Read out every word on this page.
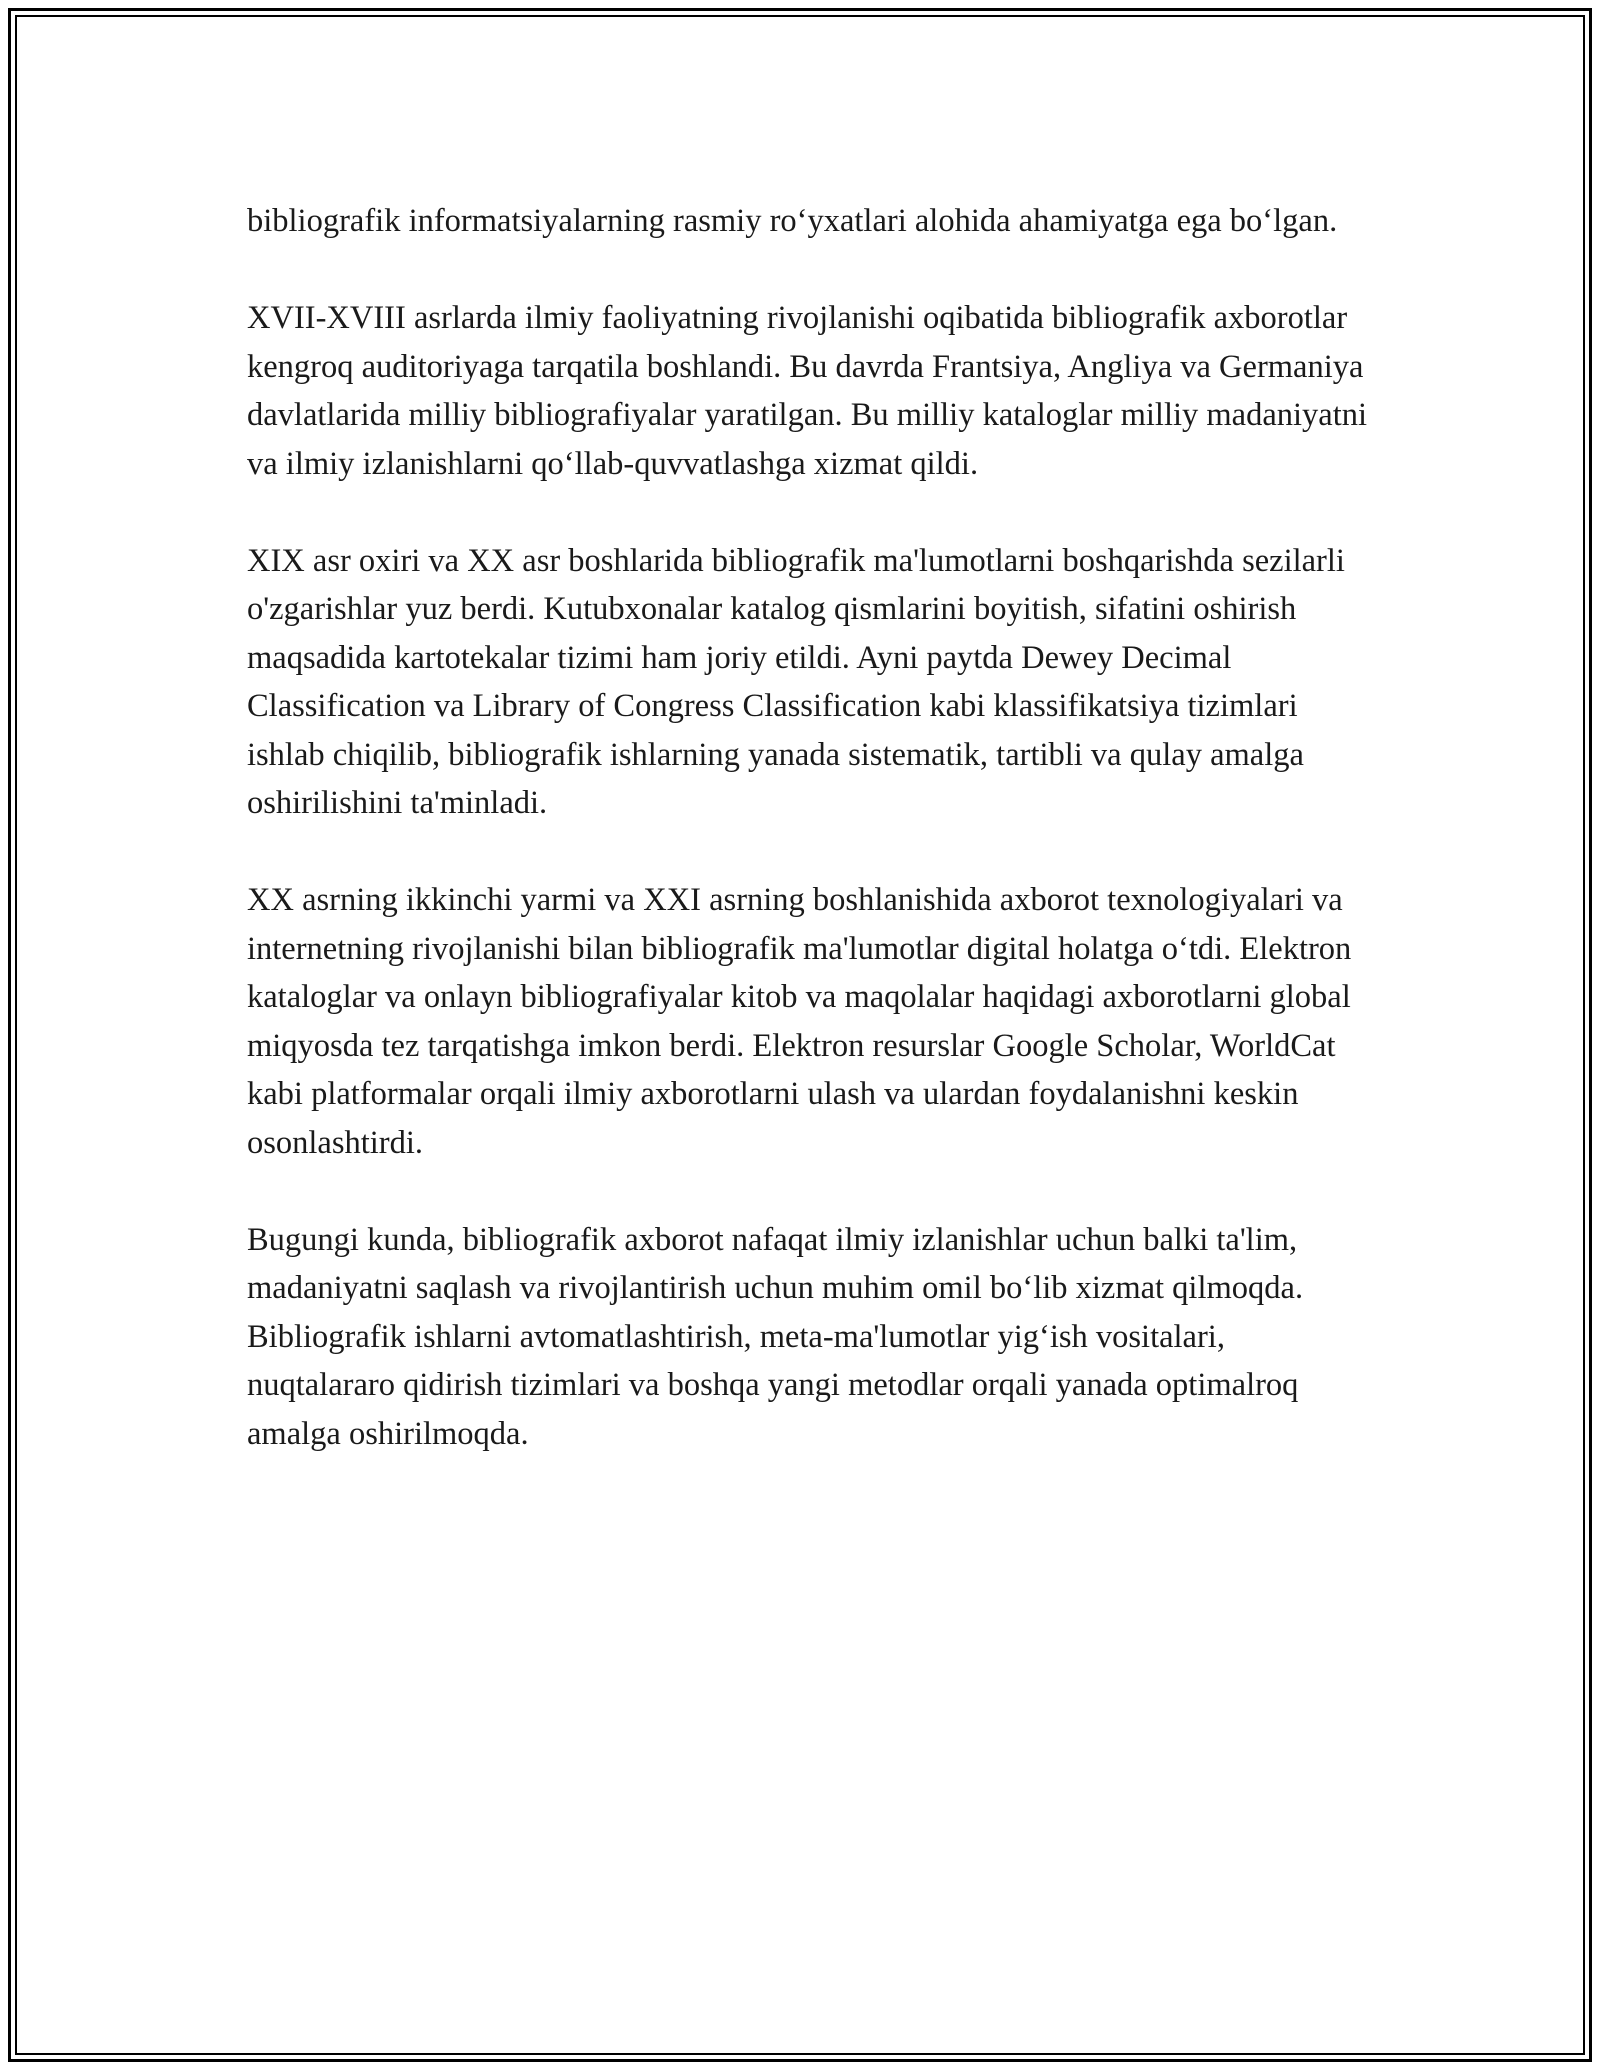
bibliografik informatsiyalarning rasmiy ro‘yxatlari alohida ahamiyatga ega bo‘lgan.

XVII-XVIII asrlarda ilmiy faoliyatning rivojlanishi oqibatida bibliografik axborotlar kengroq auditoriyaga tarqatila boshlandi. Bu davrda Frantsiya, Angliya va Germaniya davlatlarida milliy bibliografiyalar yaratilgan. Bu milliy kataloglar milliy madaniyatni va ilmiy izlanishlarni qo‘llab-quvvatlashga xizmat qildi.

XIX asr oxiri va XX asr boshlarida bibliografik ma'lumotlarni boshqarishda sezilarli o'zgarishlar yuz berdi. Kutubxonalar katalog qismlarini boyitish, sifatini oshirish maqsadida kartotekalar tizimi ham joriy etildi. Ayni paytda Dewey Decimal Classification va Library of Congress Classification kabi klassifikatsiya tizimlari ishlab chiqilib, bibliografik ishlarning yanada sistematik, tartibli va qulay amalga oshirilishini ta'minladi.

XX asrning ikkinchi yarmi va XXI asrning boshlanishida axborot texnologiyalari va internetning rivojlanishi bilan bibliografik ma'lumotlar digital holatga o‘tdi. Elektron kataloglar va onlayn bibliografiyalar kitob va maqolalar haqidagi axborotlarni global miqyosda tez tarqatishga imkon berdi. Elektron resurslar Google Scholar, WorldCat kabi platformalar orqali ilmiy axborotlarni ulash va ulardan foydalanishni keskin osonlashtirdi.

Bugungi kunda, bibliografik axborot nafaqat ilmiy izlanishlar uchun balki ta'lim, madaniyatni saqlash va rivojlantirish uchun muhim omil bo‘lib xizmat qilmoqda. Bibliografik ishlarni avtomatlashtirish, meta-ma'lumotlar yig‘ish vositalari, nuqtalararo qidirish tizimlari va boshqa yangi metodlar orqali yanada optimalroq amalga oshirilmoqda.
